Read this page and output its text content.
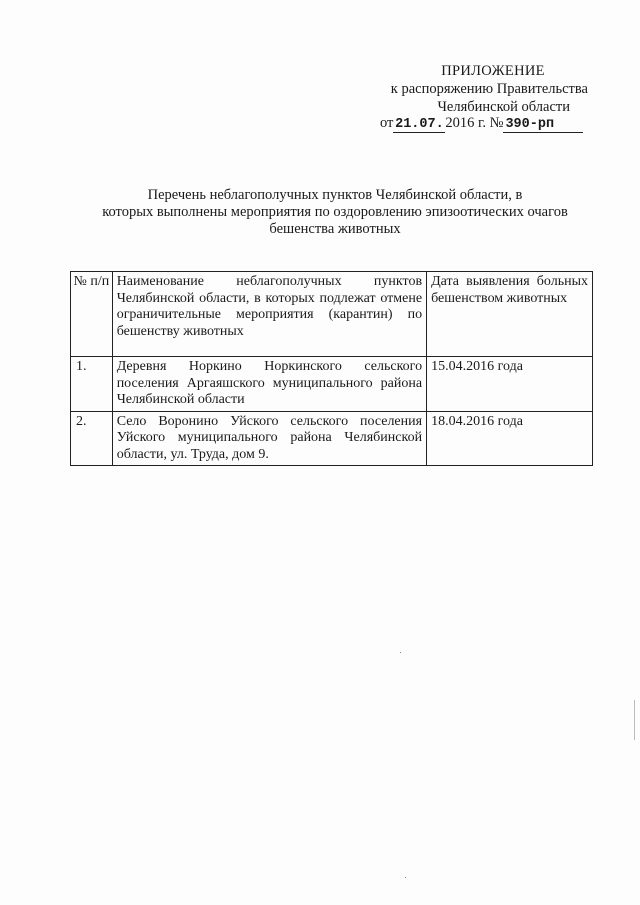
ПРИЛОЖЕНИЕ
к распоряжению Правительства
Челябинской области
от 21.07. 2016 г. № 390-рп
Перечень неблагополучных пунктов Челябинской области, в
которых выполнены мероприятия по оздоровлению эпизоотических очагов
бешенства животных
№ п/п	Наименование неблагополучных пунктов Челябинской области, в которых подлежат отмене ограничительные мероприятия (карантин) по бешенству животных	Дата выявления больных бешенством животных
1.	Деревня Норкино Норкинского сельского поселения Аргаяшского муниципального района Челябинской области	15.04.2016 года
2.	Село Воронино Уйского сельского поселения Уйского муниципального района Челябинской области, ул. Труда, дом 9.	18.04.2016 года
